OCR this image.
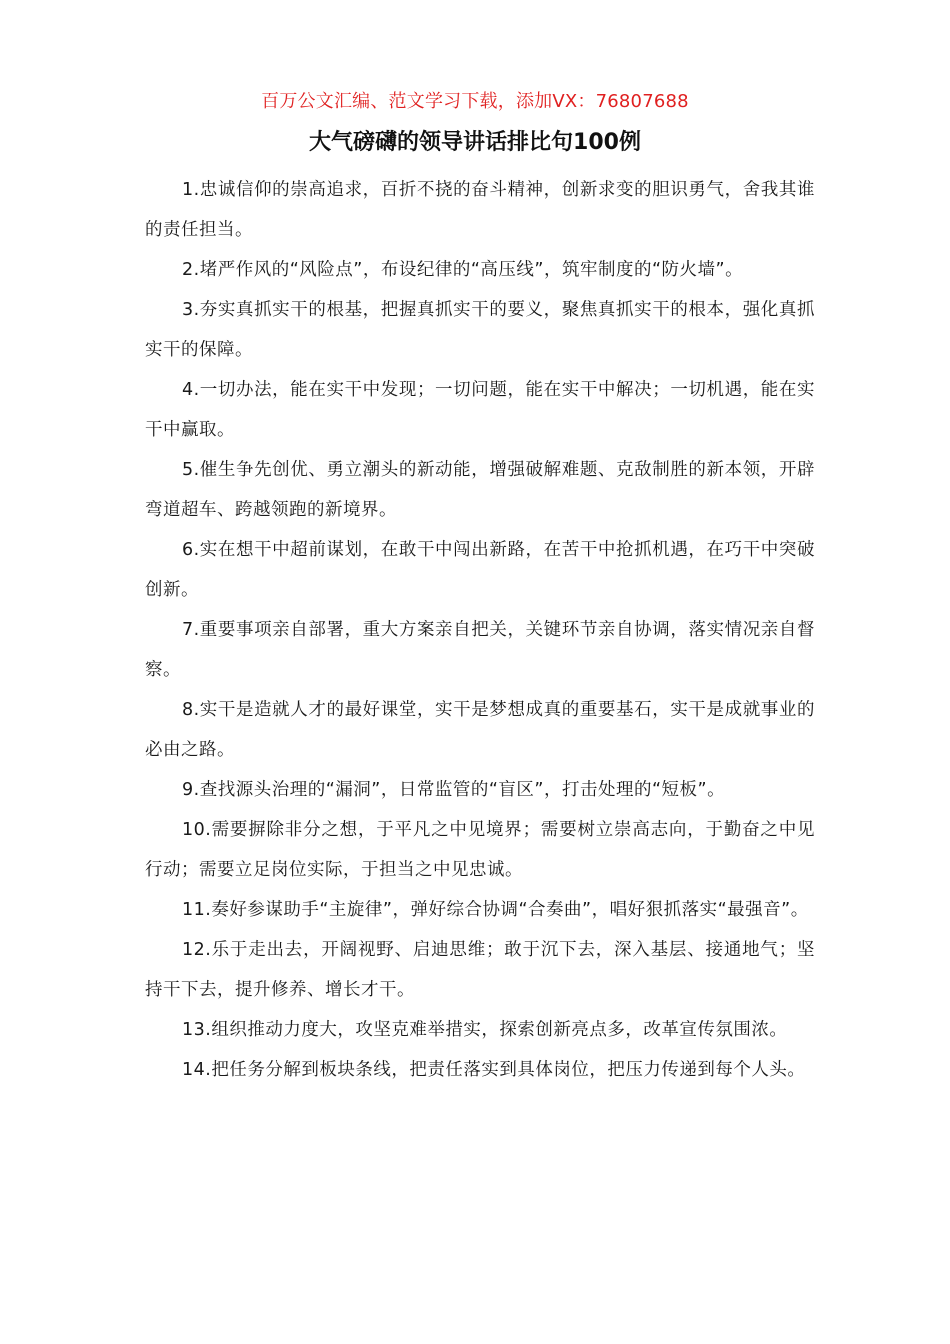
百万公文汇编、范文学习下载，添加VX：76807688
大气磅礴的领导讲话排比句100例

1.忠诚信仰的崇高追求，百折不挠的奋斗精神，创新求变的胆识勇气，舍我其谁的责任担当。

2.堵严作风的“风险点”，布设纪律的“高压线”，筑牢制度的“防火墙”。

3.夯实真抓实干的根基，把握真抓实干的要义，聚焦真抓实干的根本，强化真抓实干的保障。

4.一切办法，能在实干中发现；一切问题，能在实干中解决；一切机遇，能在实干中赢取。

5.催生争先创优、勇立潮头的新动能，增强破解难题、克敌制胜的新本领，开辟弯道超车、跨越领跑的新境界。

6.实在想干中超前谋划，在敢干中闯出新路，在苦干中抢抓机遇，在巧干中突破创新。

7.重要事项亲自部署，重大方案亲自把关，关键环节亲自协调，落实情况亲自督察。

8.实干是造就人才的最好课堂，实干是梦想成真的重要基石，实干是成就事业的必由之路。

9.查找源头治理的“漏洞”，日常监管的“盲区”，打击处理的“短板”。

10.需要摒除非分之想，于平凡之中见境界；需要树立崇高志向，于勤奋之中见行动；需要立足岗位实际，于担当之中见忠诚。

11.奏好参谋助手“主旋律”，弹好综合协调“合奏曲”，唱好狠抓落实“最强音”。

12.乐于走出去，开阔视野、启迪思维；敢于沉下去，深入基层、接通地气；坚持干下去，提升修养、增长才干。

13.组织推动力度大，攻坚克难举措实，探索创新亮点多，改革宣传氛围浓。

14.把任务分解到板块条线，把责任落实到具体岗位，把压力传递到每个人头。
